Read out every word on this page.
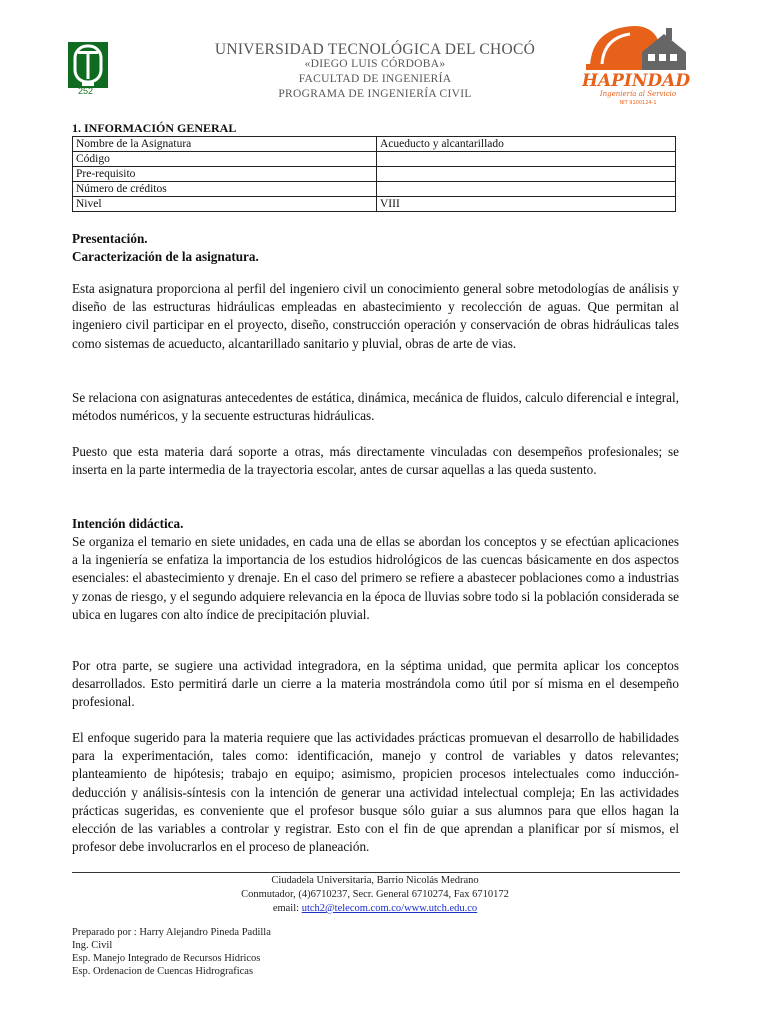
252
UNIVERSIDAD TECNOLÓGICA DEL CHOCÓ
«DIEGO LUIS CÓRDOBA»
FACULTAD DE INGENIERÍA
PROGRAMA DE INGENIERÍA CIVIL
HAPINDAD
Ingeniería al Servicio
NIT 9100124-1
1. INFORMACIÓN GENERAL
Nombre de la Asignatura	Acueducto y alcantarillado
Código	
Pre-requisito	
Número de créditos	
Nivel	VIII
Presentación.
Caracterización de la asignatura.
Esta asignatura proporciona al perfil del ingeniero civil un conocimiento general sobre metodologías de análisis y diseño de las estructuras hidráulicas empleadas en abastecimiento y recolección de aguas. Que permitan al ingeniero civil participar en el proyecto, diseño, construcción operación y conservación de obras hidráulicas tales como sistemas de acueducto, alcantarillado sanitario y pluvial, obras de arte de vias.
Se relaciona con asignaturas antecedentes de estática, dinámica, mecánica de fluidos, calculo diferencial e integral, métodos numéricos, y la secuente estructuras hidráulicas.
Puesto que esta materia dará soporte a otras, más directamente vinculadas con desempeños profesionales; se inserta en la parte intermedia de la trayectoria escolar, antes de cursar aquellas a las queda sustento.
Intención didáctica.
Se organiza el temario en siete unidades, en cada una de ellas se abordan los conceptos y se efectúan aplicaciones a la ingeniería se enfatiza la importancia de los estudios hidrológicos de las cuencas básicamente en dos aspectos esenciales: el abastecimiento y drenaje. En el caso del primero se refiere a abastecer poblaciones como a industrias y zonas de riesgo, y el segundo adquiere relevancia en la época de lluvias sobre todo si la población considerada se ubica en lugares con alto índice de precipitación pluvial.
Por otra parte, se sugiere una actividad integradora, en la séptima unidad, que permita aplicar los conceptos desarrollados. Esto permitirá darle un cierre a la materia mostrándola como útil por sí misma en el desempeño profesional.
El enfoque sugerido para la materia requiere que las actividades prácticas promuevan el desarrollo de habilidades para la experimentación, tales como: identificación, manejo y control de variables y datos relevantes; planteamiento de hipótesis; trabajo en equipo; asimismo, propicien procesos intelectuales como inducción-deducción y análisis-síntesis con la intención de generar una actividad intelectual compleja; En las actividades prácticas sugeridas, es conveniente que el profesor busque sólo guiar a sus alumnos para que ellos hagan la elección de las variables a controlar y registrar. Esto con el fin de que aprendan a planificar por sí mismos, el profesor debe involucrarlos en el proceso de planeación.
Ciudadela Universitaria, Barrio Nicolás Medrano
Conmutador, (4)6710237, Secr. General 6710274, Fax 6710172
email: utch2@telecom.com.co/www.utch.edu.co
Preparado por : Harry Alejandro Pineda Padilla
Ing. Civil
Esp. Manejo Integrado de Recursos Hidricos
Esp. Ordenacion de Cuencas Hidrograficas
